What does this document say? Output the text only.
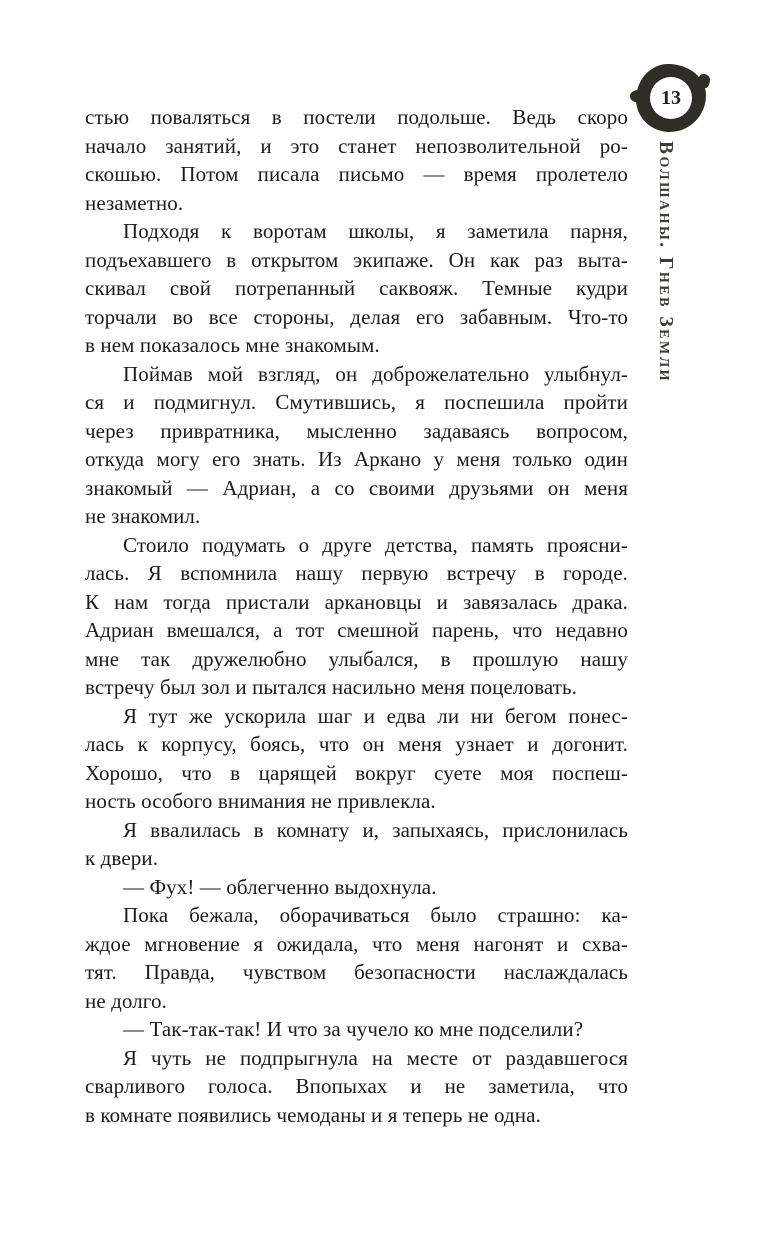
13
Волшаны. Гнев Земли
стью поваляться в постели подольше. Ведь скоро
начало занятий, и это станет непозволительной ро-
скошью. Потом писала письмо — время пролетело
незаметно.
Подходя к воротам школы, я заметила парня,
подъехавшего в открытом экипаже. Он как раз выта-
скивал свой потрепанный саквояж. Темные кудри
торчали во все стороны, делая его забавным. Что-то
в нем показалось мне знакомым.
Поймав мой взгляд, он доброжелательно улыбнул-
ся и подмигнул. Смутившись, я поспешила пройти
через привратника, мысленно задаваясь вопросом,
откуда могу его знать. Из Аркано у меня только один
знакомый — Адриан, а со своими друзьями он меня
не знакомил.
Стоило подумать о друге детства, память проясни-
лась. Я вспомнила нашу первую встречу в городе.
К нам тогда пристали аркановцы и завязалась драка.
Адриан вмешался, а тот смешной парень, что недавно
мне так дружелюбно улыбался, в прошлую нашу
встречу был зол и пытался насильно меня поцеловать.
Я тут же ускорила шаг и едва ли ни бегом понес-
лась к корпусу, боясь, что он меня узнает и догонит.
Хорошо, что в царящей вокруг суете моя поспеш-
ность особого внимания не привлекла.
Я ввалилась в комнату и, запыхаясь, прислонилась
к двери.
— Фух! — облегченно выдохнула.
Пока бежала, оборачиваться было страшно: ка-
ждое мгновение я ожидала, что меня нагонят и схва-
тят. Правда, чувством безопасности наслаждалась
не долго.
— Так-так-так! И что за чучело ко мне подселили?
Я чуть не подпрыгнула на месте от раздавшегося
сварливого голоса. Впопыхах и не заметила, что
в комнате появились чемоданы и я теперь не одна.
